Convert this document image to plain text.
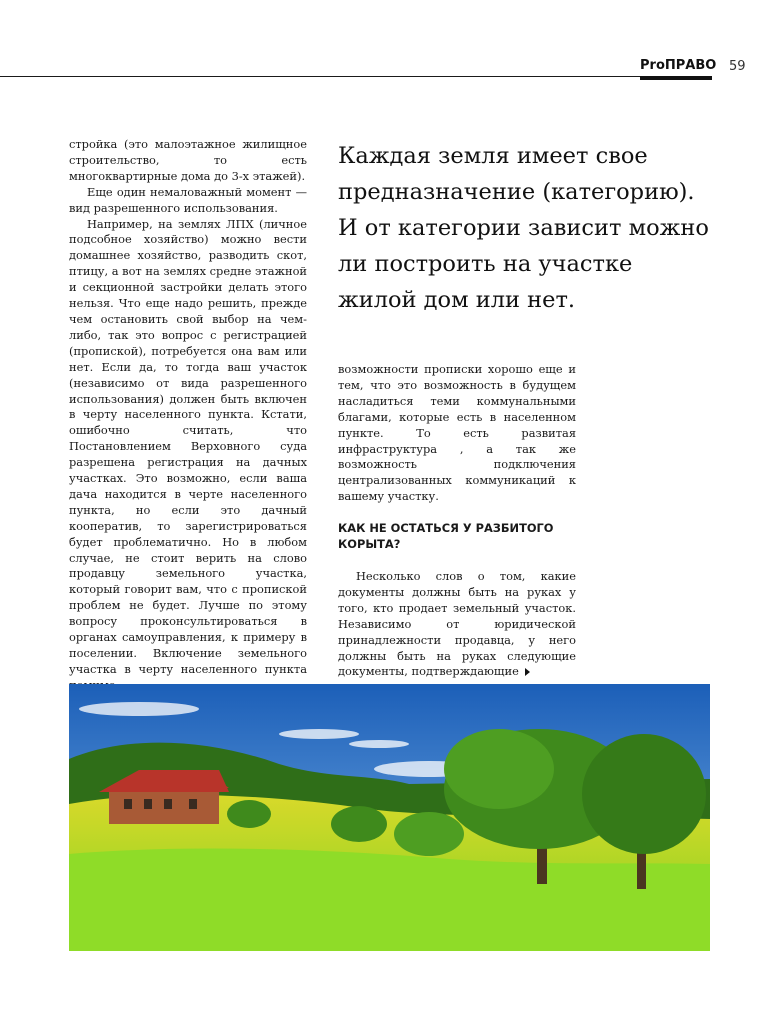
ProПРАВО 59

стройка (это малоэтажное жилищное строительство, то есть многоквартирные дома до 3-х этажей).

Еще один немаловажный момент — вид разрешенного использования.

Например, на землях ЛПХ (личное подсобное хозяйство) можно вести домашнее хозяйство, разводить скот, птицу, а вот на землях средне этажной и секционной застройки делать этого нельзя. Что еще надо решить, прежде чем остановить свой выбор на чем-либо, так это вопрос с регистрацией (пропиской), потребуется она вам или нет. Если да, то тогда ваш участок (независимо от вида разрешенного использования) должен быть включен в черту населенного пункта. Кстати, ошибочно считать, что Постановлением Верховного суда разрешена регистрация на дачных участках. Это возможно, если ваша дача находится в черте населенного пункта, но если это дачный кооператив, то зарегистрироваться будет проблематично. Но в любом случае, не стоит верить на слово продавцу земельного участка, который говорит вам, что с пропиской проблем не будет. Лучше по этому вопросу проконсультироваться в органах самоуправления, к примеру в поселении. Включение земельного участка в черту населенного пункта

Каждая земля имеет свое предназначение (категорию). И от категории зависит можно ли построить на участке жилой дом или нет.

возможности прописки хорошо еще и тем, что это возможность в будущем насладиться теми коммунальными благами, которые есть в населенном пункте. То есть развитая инфраструктура , а так же возможность подключения централизованных коммуникаций к вашему участку.

КАК НЕ ОСТАТЬСЯ У РАЗБИТОГО КОРЫТА?

Несколько слов о том, какие документы должны быть на руках у того, кто продает земельный участок. Независимо от юридической принадлежности продавца, у него должны быть на руках следующие документы, подтверждающие
